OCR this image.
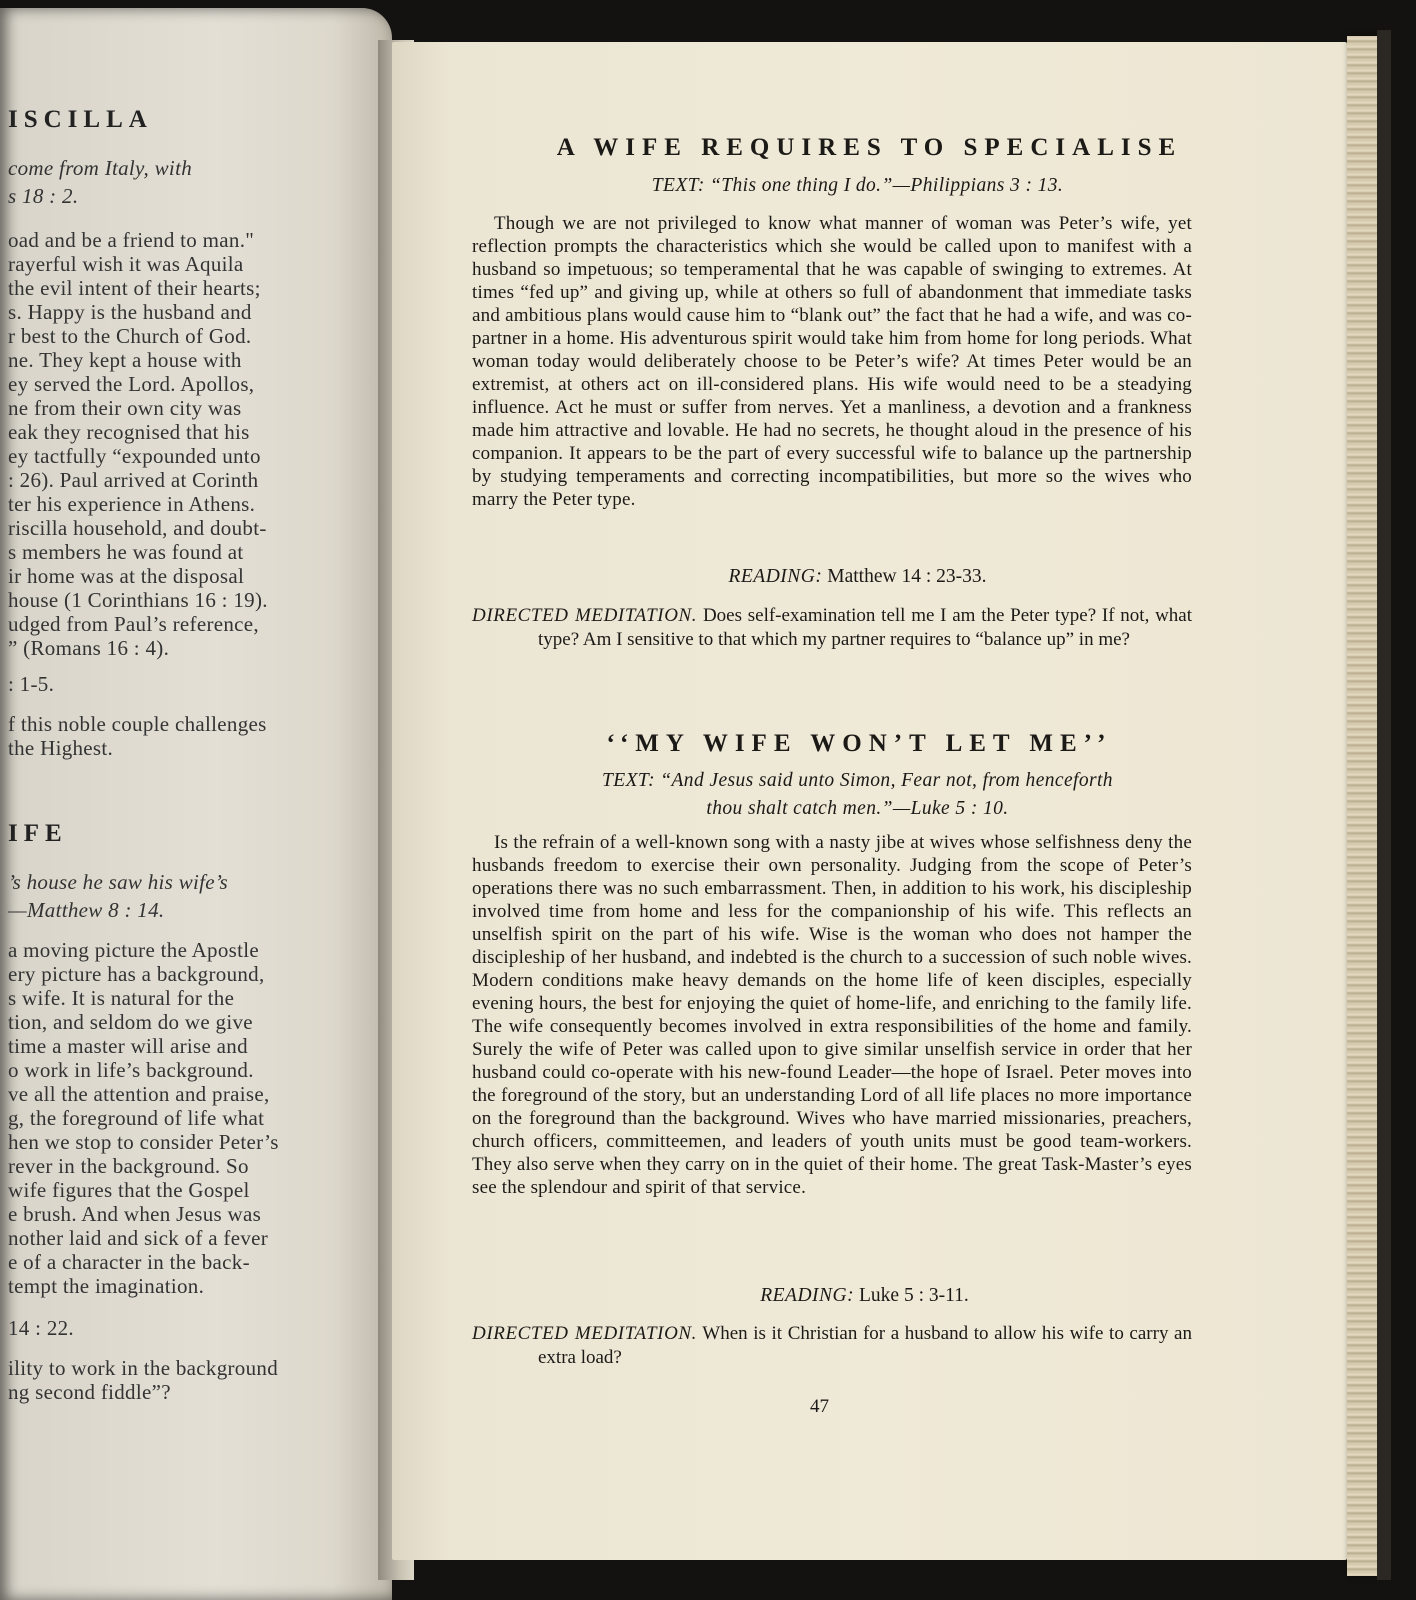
ISCILLA
come from Italy, with
s 18 : 2.
oad and be a friend to man."
rayerful wish it was Aquila
the evil intent of their hearts;
s. Happy is the husband and
r best to the Church of God.
ne. They kept a house with
ey served the Lord. Apollos,
ne from their own city was
eak they recognised that his
ey tactfully “expounded unto
: 26). Paul arrived at Corinth
ter his experience in Athens.
riscilla household, and doubt-
s members he was found at
ir home was at the disposal
house (1 Corinthians 16 : 19).
udged from Paul’s reference,
” (Romans 16 : 4).
: 1-5.
f this noble couple challenges
the Highest.
IFE
’s house he saw his wife’s
—Matthew 8 : 14.
a moving picture the Apostle
ery picture has a background,
s wife. It is natural for the
tion, and seldom do we give
time a master will arise and
o work in life’s background.
ve all the attention and praise,
g, the foreground of life what
hen we stop to consider Peter’s
rever in the background. So
wife figures that the Gospel
e brush. And when Jesus was
nother laid and sick of a fever
e of a character in the back-
tempt the imagination.
14 : 22.
ility to work in the background
ng second fiddle”?
A WIFE REQUIRES TO SPECIALISE
TEXT: “This one thing I do.”—Philippians 3 : 13.

Though we are not privileged to know what manner of woman was Peter’s wife, yet reflection prompts the characteristics which she would be called upon to manifest with a husband so impetuous; so temperamental that he was capable of swinging to extremes. At times “fed up” and giving up, while at others so full of abandonment that immediate tasks and ambitious plans would cause him to “blank out” the fact that he had a wife, and was co-partner in a home. His adventurous spirit would take him from home for long periods. What woman today would deliberately choose to be Peter’s wife? At times Peter would be an extremist, at others act on ill-considered plans. His wife would need to be a steadying influence. Act he must or suffer from nerves. Yet a manliness, a devotion and a frankness made him attractive and lovable. He had no secrets, he thought aloud in the presence of his companion. It appears to be the part of every successful wife to balance up the partnership by studying temperaments and correcting incompatibilities, but more so the wives who marry the Peter type.

READING: Matthew 14 : 23-33.

DIRECTED MEDITATION. Does self-examination tell me I am the Peter type? If not, what type? Am I sensitive to that which my partner requires to “balance up” in me?

‘‘MY WIFE WON’T LET ME’’
TEXT: “And Jesus said unto Simon, Fear not, from henceforth
thou shalt catch men.”—Luke 5 : 10.

Is the refrain of a well-known song with a nasty jibe at wives whose selfishness deny the husbands freedom to exercise their own personality. Judging from the scope of Peter’s operations there was no such embarrassment. Then, in addition to his work, his discipleship involved time from home and less for the companionship of his wife. This reflects an unselfish spirit on the part of his wife. Wise is the woman who does not hamper the discipleship of her husband, and indebted is the church to a succession of such noble wives. Modern conditions make heavy demands on the home life of keen disciples, especially evening hours, the best for enjoying the quiet of home-life, and enriching to the family life. The wife consequently becomes involved in extra responsibilities of the home and family. Surely the wife of Peter was called upon to give similar unselfish service in order that her husband could co-operate with his new-found Leader—the hope of Israel. Peter moves into the foreground of the story, but an understanding Lord of all life places no more importance on the foreground than the background. Wives who have married missionaries, preachers, church officers, committeemen, and leaders of youth units must be good team-workers. They also serve when they carry on in the quiet of their home. The great Task-Master’s eyes see the splendour and spirit of that service.

READING: Luke 5 : 3-11.

DIRECTED MEDITATION. When is it Christian for a husband to allow his wife to carry an extra load?

47
